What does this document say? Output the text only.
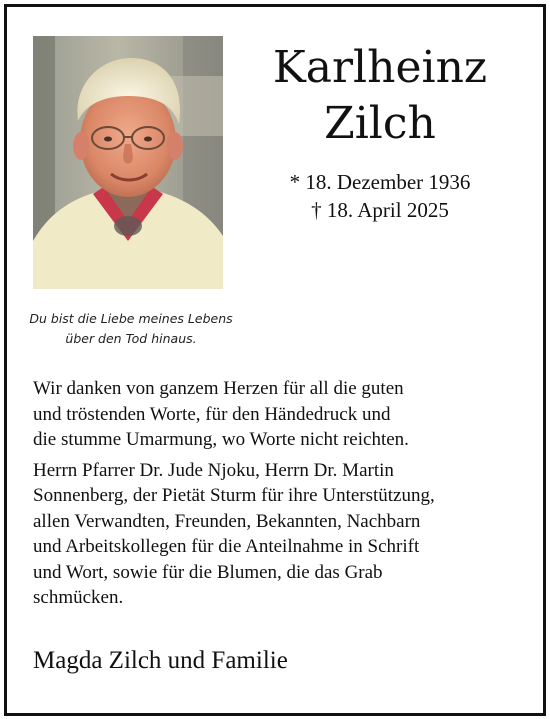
Du bist die Liebe meines Lebens
über den Tod hinaus.
Karlheinz
Zilch
* 18. Dezember 1936
† 18. April 2025
Wir danken von ganzem Herzen für all die guten
und tröstenden Worte, für den Händedruck und
die stumme Umarmung, wo Worte nicht reichten.
Herrn Pfarrer Dr. Jude Njoku, Herrn Dr. Martin
Sonnenberg, der Pietät Sturm für ihre Unterstützung,
allen Verwandten, Freunden, Bekannten, Nachbarn
und Arbeitskollegen für die Anteilnahme in Schrift
und Wort, sowie für die Blumen, die das Grab
schmücken.
Magda Zilch und Familie
